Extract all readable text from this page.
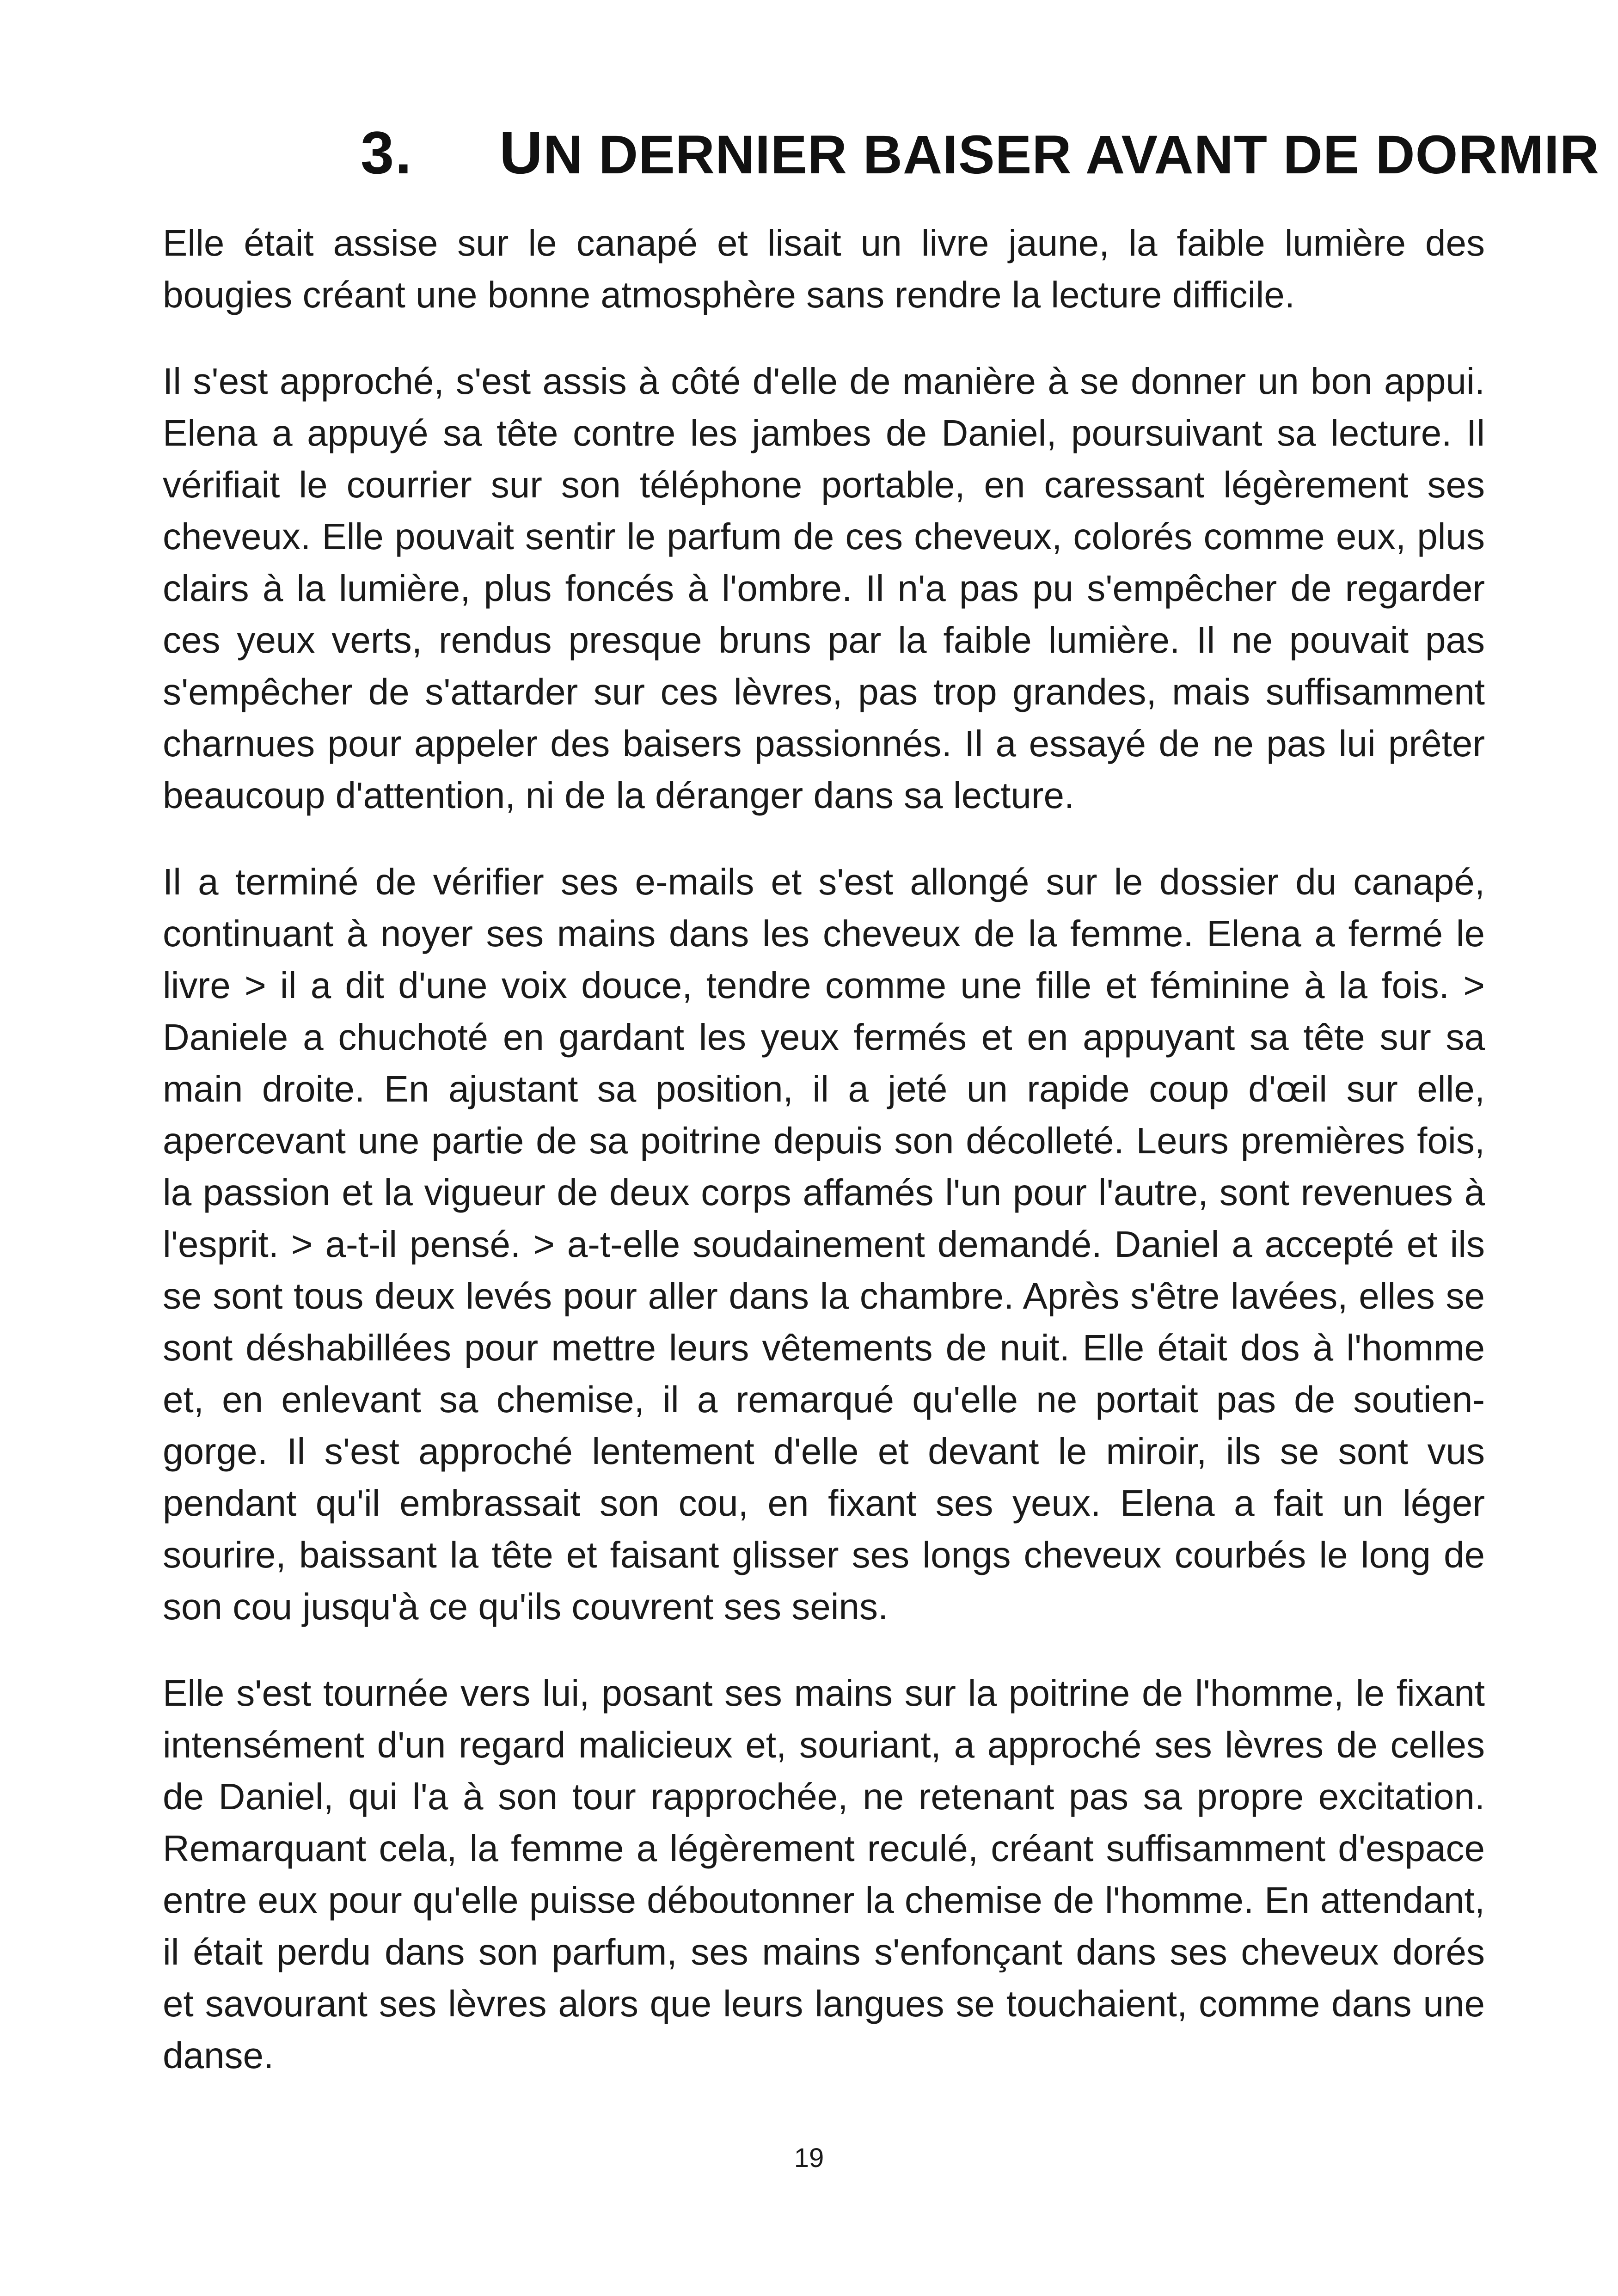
3. UN DERNIER BAISER AVANT DE DORMIR

Elle était assise sur le canapé et lisait un livre jaune, la faible lumière des bougies créant une bonne atmosphère sans rendre la lecture difficile.

Il s'est approché, s'est assis à côté d'elle de manière à se donner un bon appui. Elena a appuyé sa tête contre les jambes de Daniel, poursuivant sa lecture. Il vérifiait le courrier sur son téléphone portable, en caressant légèrement ses cheveux. Elle pouvait sentir le parfum de ces cheveux, colorés comme eux, plus clairs à la lumière, plus foncés à l'ombre. Il n'a pas pu s'empêcher de regarder ces yeux verts, rendus presque bruns par la faible lumière. Il ne pouvait pas s'empêcher de s'attarder sur ces lèvres, pas trop grandes, mais suffisamment charnues pour appeler des baisers passionnés. Il a essayé de ne pas lui prêter beaucoup d'attention, ni de la déranger dans sa lecture.

Il a terminé de vérifier ses e-mails et s'est allongé sur le dossier du canapé, continuant à noyer ses mains dans les cheveux de la femme. Elena a fermé le livre > il a dit d'une voix douce, tendre comme une fille et féminine à la fois. > Daniele a chuchoté en gardant les yeux fermés et en appuyant sa tête sur sa main droite. En ajustant sa position, il a jeté un rapide coup d'œil sur elle, apercevant une partie de sa poitrine depuis son décolleté. Leurs premières fois, la passion et la vigueur de deux corps affamés l'un pour l'autre, sont revenues à l'esprit. > a-t-il pensé. > a-t-elle soudainement demandé. Daniel a accepté et ils se sont tous deux levés pour aller dans la chambre. Après s'être lavées, elles se sont déshabillées pour mettre leurs vêtements de nuit. Elle était dos à l'homme et, en enlevant sa chemise, il a remarqué qu'elle ne portait pas de soutien-gorge. Il s'est approché lentement d'elle et devant le miroir, ils se sont vus pendant qu'il embrassait son cou, en fixant ses yeux. Elena a fait un léger sourire, baissant la tête et faisant glisser ses longs cheveux courbés le long de son cou jusqu'à ce qu'ils couvrent ses seins.

Elle s'est tournée vers lui, posant ses mains sur la poitrine de l'homme, le fixant intensément d'un regard malicieux et, souriant, a approché ses lèvres de celles de Daniel, qui l'a à son tour rapprochée, ne retenant pas sa propre excitation. Remarquant cela, la femme a légèrement reculé, créant suffisamment d'espace entre eux pour qu'elle puisse déboutonner la chemise de l'homme. En attendant, il était perdu dans son parfum, ses mains s'enfonçant dans ses cheveux dorés et savourant ses lèvres alors que leurs langues se touchaient, comme dans une danse.

19
